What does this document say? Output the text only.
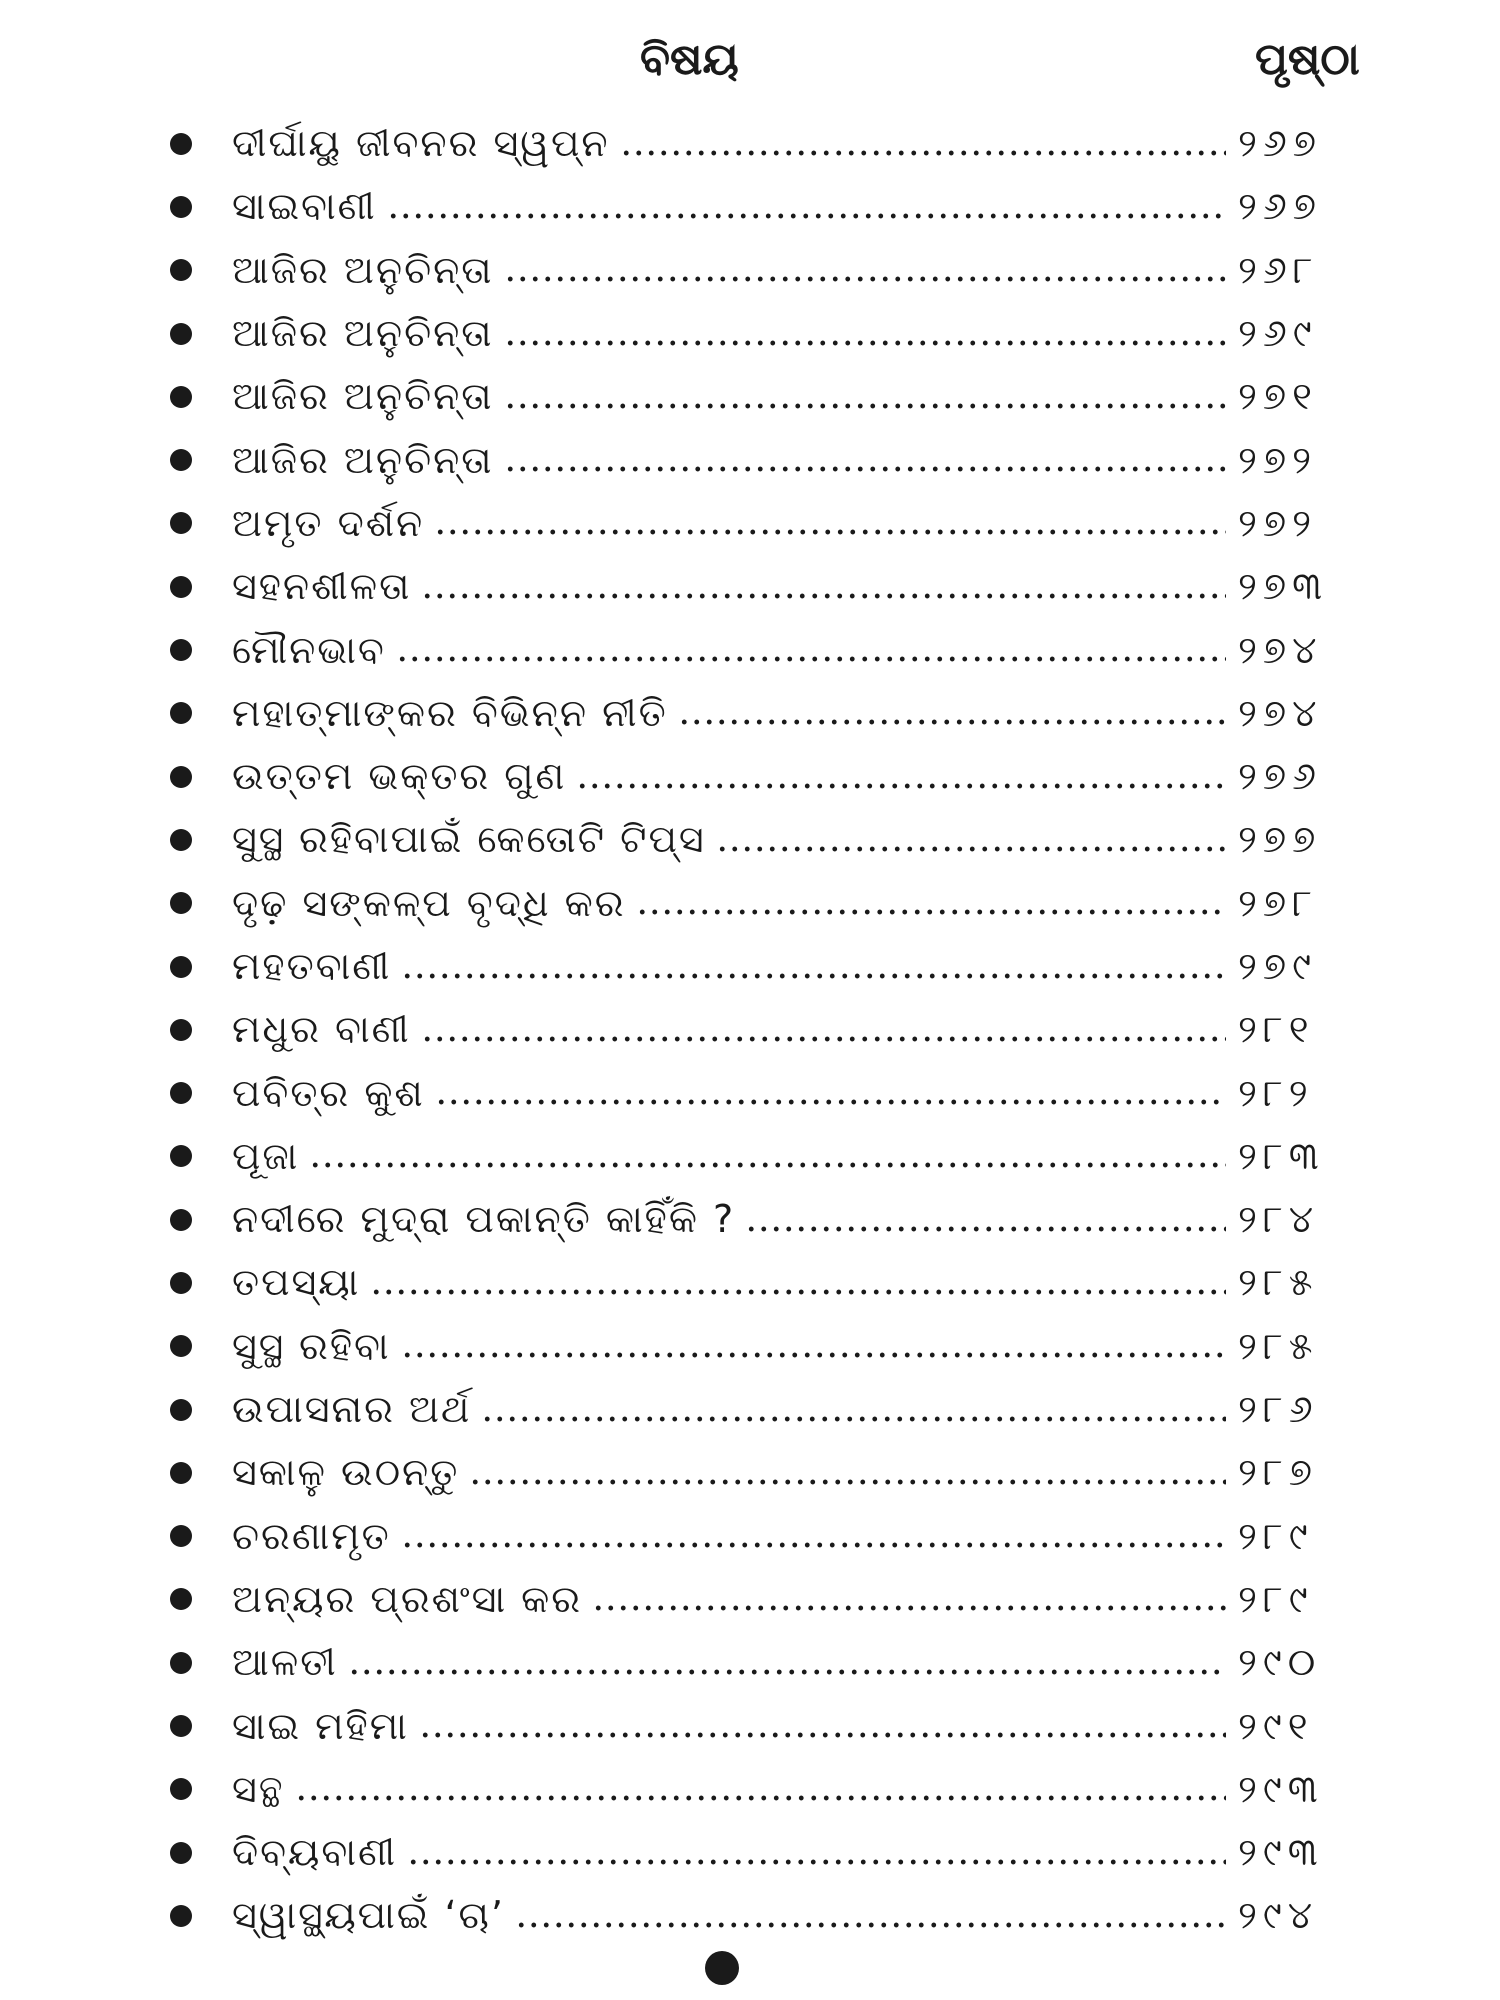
ବିଷୟ	ପୃଷ୍ଠା
ଦୀର୍ଘାୟୁ ଜୀବନର ସ୍ୱପ୍ନ	୨୬୭
ସାଇବାଣୀ	୨୬୭
ଆଜିର ଅନୁଚିନ୍ତା	୨୬୮
ଆଜିର ଅନୁଚିନ୍ତା	୨୬୯
ଆଜିର ଅନୁଚିନ୍ତା	୨୭୧
ଆଜିର ଅନୁଚିନ୍ତା	୨୭୨
ଅମୃତ ଦର୍ଶନ	୨୭୨
ସହନଶୀଳତା	୨୭୩
ମୌନଭାବ	୨୭୪
ମହାତ୍ମାଙ୍କର ବିଭିନ୍ନ ନୀତି	୨୭୪
ଉତ୍ତମ ଭକ୍ତର ଗୁଣ	୨୭୬
ସୁସ୍ଥ ରହିବାପାଇଁ କେତୋଟି ଟିପ୍ସ	୨୭୭
ଦୃଢ଼ ସଙ୍କଳ୍ପ ବୃଦ୍ଧି କର	୨୭୮
ମହତବାଣୀ	୨୭୯
ମଧୁର ବାଣୀ	୨୮୧
ପବିତ୍ର କୁଶ	୨୮୨
ପୂଜା	୨୮୩
ନଦୀରେ ମୁଦ୍ରା ପକାନ୍ତି କାହିଁକି ?	୨୮୪
ତପସ୍ୟା	୨୮୫
ସୁସ୍ଥ ରହିବା	୨୮୫
ଉପାସନାର ଅର୍ଥ	୨୮୬
ସକାଳୁ ଉଠନ୍ତୁ	୨୮୭
ଚରଣାମୃତ	୨୮୯
ଅନ୍ୟର ପ୍ରଶଂସା କର	୨୮୯
ଆଳତୀ	୨୯୦
ସାଇ ମହିମା	୨୯୧
ସନ୍ଥ	୨୯୩
ଦିବ୍ୟବାଣୀ	୨୯୩
ସ୍ୱାସ୍ଥ୍ୟପାଇଁ ‘ଚା’	୨୯୪
